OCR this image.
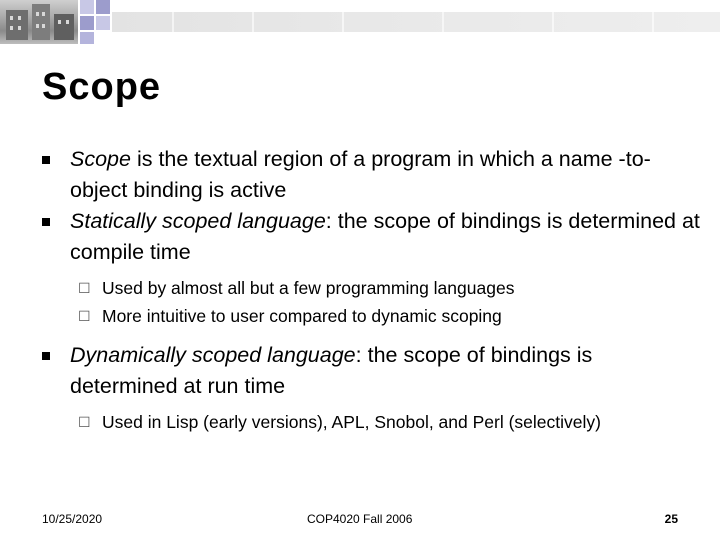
Scope
Scope is the textual region of a program in which a name -to-object binding is active
Statically scoped language: the scope of bindings is determined at compile time
☐ Used by almost all but a few programming languages
☐ More intuitive to user compared to dynamic scoping
Dynamically scoped language: the scope of bindings is determined at run time
☐ Used in Lisp (early versions), APL, Snobol, and Perl (selectively)
10/25/2020	COP4020 Fall 2006	25
